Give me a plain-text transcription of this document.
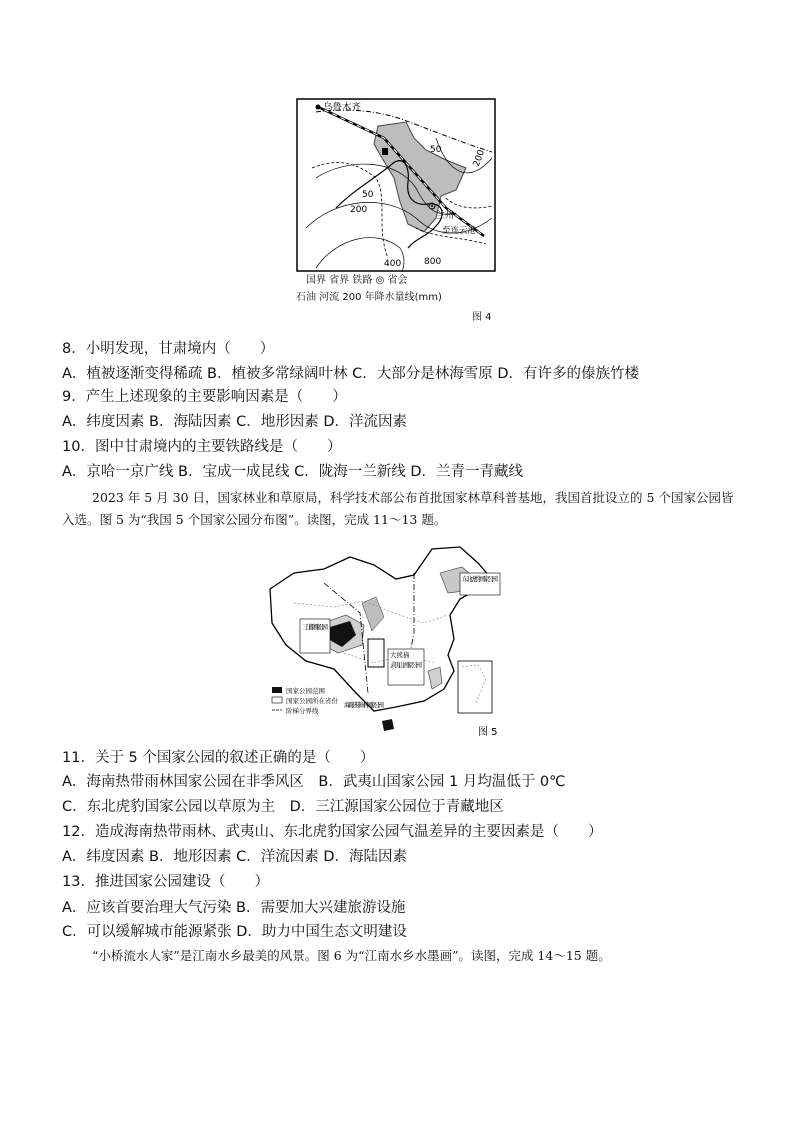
乌鲁木齐
兰州
至连云港
50
50
200
200
400	800
国界 省界 铁路 ◎ 省会
石油 河流 200 年降水量线(mm)
图 4
8．小明发现，甘肃境内（　　）
A．植被逐渐变得稀疏 B．植被多常绿阔叶林 C．大部分是林海雪原 D．有许多的傣族竹楼
9．产生上述现象的主要影响因素是（　　）
A．纬度因素 B．海陆因素 C．地形因素 D．洋流因素
10．图中甘肃境内的主要铁路线是（　　）
A．京哈一京广线 B．宝成一成昆线 C．陇海一兰新线 D．兰青一青藏线
2023 年 5 月 30 日，国家林业和草原局，科学技术部公布首批国家林草科普基地，我国首批设立的 5 个国家公园皆入选。图 5 为“我国 5 个国家公园分布图”。读图，完成 11～13 题。
东北虎豹国家公园
三江源国家公园
大熊猫
武夷山国家公园
海南热带雨林国家公园
国家公园范围
国家公园所在省份
阶梯分界线
图 5
11．关于 5 个国家公园的叙述正确的是（　　）
A．海南热带雨林国家公园在非季风区　B．武夷山国家公园 1 月均温低于 0℃
C．东北虎豹国家公园以草原为主　D．三江源国家公园位于青藏地区
12．造成海南热带雨林、武夷山、东北虎豹国家公园气温差异的主要因素是（　　）
A．纬度因素 B．地形因素 C．洋流因素 D．海陆因素
13．推进国家公园建设（　　）
A．应该首要治理大气污染 B．需要加大兴建旅游设施
C．可以缓解城市能源紧张 D．助力中国生态文明建设
“小桥流水人家”是江南水乡最美的风景。图 6 为“江南水乡水墨画”。读图，完成 14～15 题。
